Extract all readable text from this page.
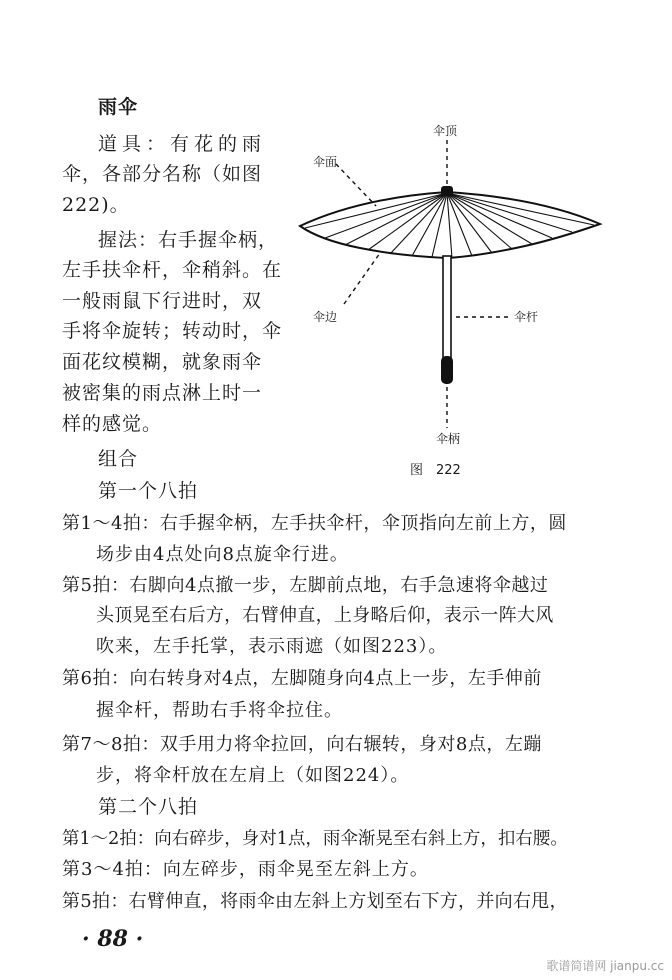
雨伞
道具：有花的雨
伞，各部分名称（如图
222)。
握法：右手握伞柄，
左手扶伞杆，伞稍斜。在
一般雨鼠下行进时，双
手将伞旋转；转动时，伞
面花纹模糊，就象雨伞
被密集的雨点淋上时一
样的感觉。
组合
第一个八拍
第1～4拍：右手握伞柄，左手扶伞杆，伞顶指向左前上方，圆
场步由4点处向8点旋伞行进。
第5拍：右脚向4点撤一步，左脚前点地，右手急速将伞越过
头顶晃至右后方，右臂伸直，上身略后仰，表示一阵大风
吹来，左手托掌，表示雨遮（如图223）。
第6拍：向右转身对4点，左脚随身向4点上一步，左手伸前
握伞杆，帮助右手将伞拉住。
第7～8拍：双手用力将伞拉回，向右辗转，身对8点，左蹦
步，将伞杆放在左肩上（如图224）。
第二个八拍
第1～2拍：向右碎步，身对1点，雨伞渐晃至右斜上方，扣右腰。
第3～4拍：向左碎步，雨伞晃至左斜上方。
第5拍：右臂伸直，将雨伞由左斜上方划至右下方，并向右甩，
伞顶
伞面
伞边	伞杆
伞柄
图　222
· 88 ·
歌谱简谱网 jianpu.cc
